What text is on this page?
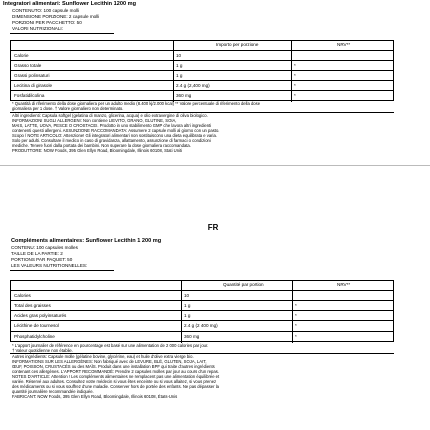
Integratori alimentari: Sunflower Lecithin 1200 mg
CONTENUTO: 100 capsule molli
DIMENSIONE PORZIONE: 2 capsule molli
PORZIONI PER PACCHETTO: 50
VALORI NUTRIZIONALI:
Importo per porzione	NRV**
Calorie	10
Grasso totale	1 g	*
Grassi polinsaturi	1 g	*
Lecitina di girasole	2.4 g (2,400 mg)	*
Fosfatidilcolina	360 mg	*
* Quantità di riferimento della dose giornaliera per un adulto medio (8.400 kj/2.000 kcal) ** Valore percentuale di riferimento della dose
giornaliera per 1 dose. † Valore giornaliero non determinato.
Altri ingredienti: Capsula softgel (gelatina di manzo, glicerina, acqua) e olio extravergine di oliva biologico.
INFORMAZIONI SUGLI ALLERGENI: Non contiene LIEVITO, GRANO, GLUTINE, SOIA,
MAIS, LATTE, UOVA, PESCE O CROSTACEI. Prodotto in uno stabilimento GMP che lavora altri ingredienti
contenenti questi allergeni. ASSUNZIONE RACCOMANDATA: Assumere 2 capsule molli al giorno con un pasto.
Scopo / NOTE ARTICOLO: Attenzione! Gli integratori alimentari non sostituiscono una dieta equilibrata e varia.
Solo per adulti. Consultare il medico in caso di gravidanza, allattamento, assunzione di farmaci o condizioni
mediche. Tenere fuori dalla portata dei bambini. Non superare la dose giornaliera raccomandata.
PRODUTTORE: NOW Foods, 395 Glen Ellyn Road, Bloomingdale, Illinois 60108, Stati Uniti
FR
Compléments alimentaires: Sunflower Lecithin 1 200 mg
CONTENU: 100 capsules molles
TAILLE DE LA PARTIE: 2
PORTIONS PAR PAQUET: 50
LES VALEURS NUTRITIONNELLES:
Quantité par portion	NRV**
Calories	10
Total des graisses	1 g	*
Acides gras polyinsaturés	1 g	*
Lécithine de tournesol	2.4 g (2 400 mg)	*
Phosphatidylcholine	360 mg	*
* L'apport journalier de référence en pourcentage est basé sur une alimentation de 2 000 calories par jour.
† Valeur quotidienne non établie.
Autres ingrédients: Capsule molle (gélatine bovine, glycérine, eau) et huile d'olive extra vierge bio.
INFORMATIONS SUR LES ALLERGÈNES: Non fabriqué avec de LEVURE, BLÉ, GLUTEN, SOJA, LAIT,
ŒUF, POISSON, CRUSTACÉS ou des MAÏS. Produit dans une installation BPF qui traite d'autres ingrédients
contenant ces allergènes. L'APPORT RECOMMANDÉ: Prendre 2 capsules molles par jour au cours d'un repas.
NOTES D'ARTICLE: Attention ! Les compléments alimentaires ne remplacent pas une alimentation équilibrée et
variée. Réservé aux adultes. Consultez votre médecin si vous êtes enceinte ou si vous allaitez, si vous prenez
des médicaments ou si vous souffrez d'une maladie. Conserver hors de portée des enfants. Ne pas dépasser la
quantité journalière recommandée indiquée.
FABRICANT: NOW Foods, 395 Glen Ellyn Road, Bloomingdale, Illinois 60108, États-Unis
